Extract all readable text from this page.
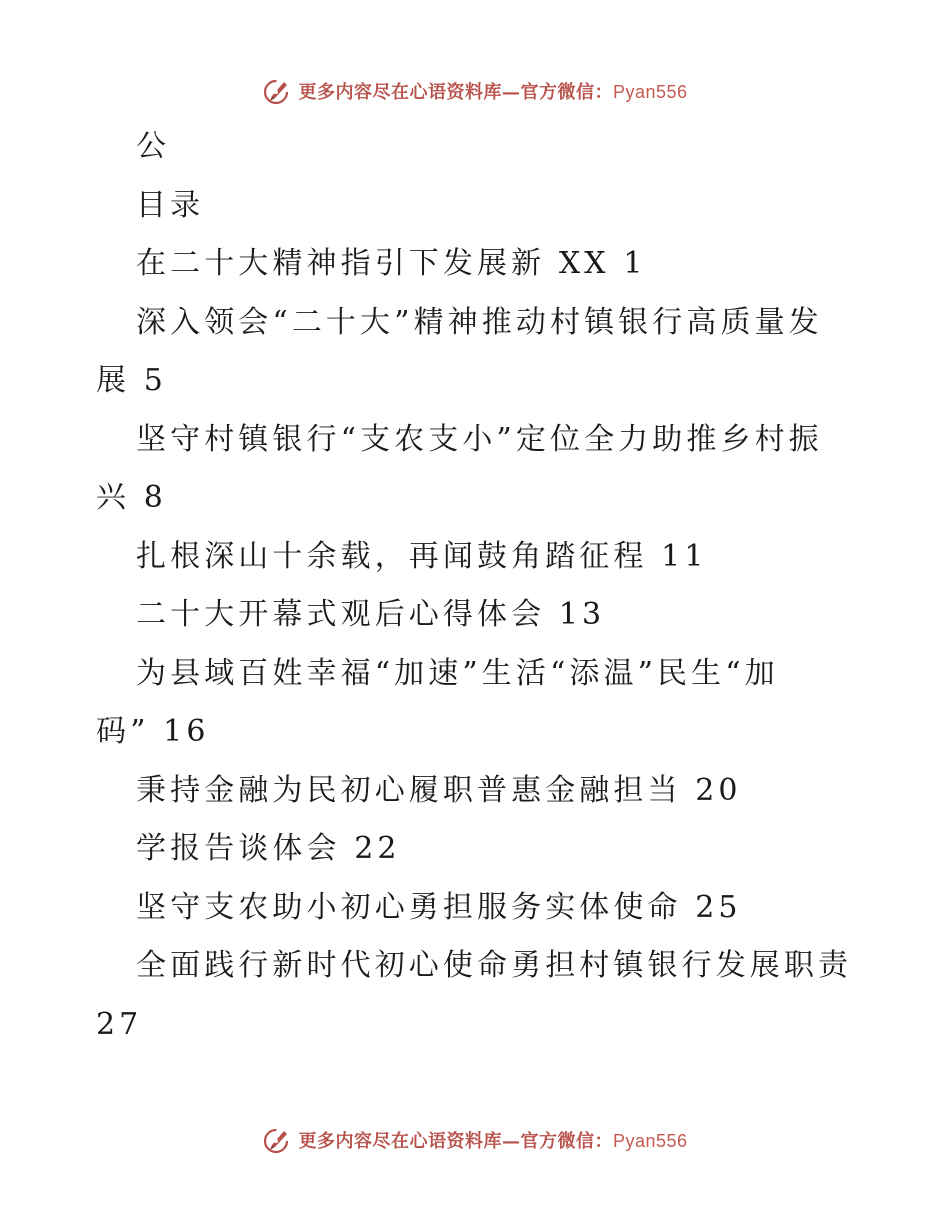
更多内容尽在心语资料库—官方微信：Pyan556
公
目录
在二十大精神指引下发展新 XX 1
深入领会“二十大”精神推动村镇银行高质量发
展 5
坚守村镇银行“支农支小”定位全力助推乡村振
兴 8
扎根深山十余载，再闻鼓角踏征程 11
二十大开幕式观后心得体会 13
为县域百姓幸福“加速”生活“添温”民生“加
码” 16
秉持金融为民初心履职普惠金融担当 20
学报告谈体会 22
坚守支农助小初心勇担服务实体使命 25
全面践行新时代初心使命勇担村镇银行发展职责
27
更多内容尽在心语资料库—官方微信：Pyan556
